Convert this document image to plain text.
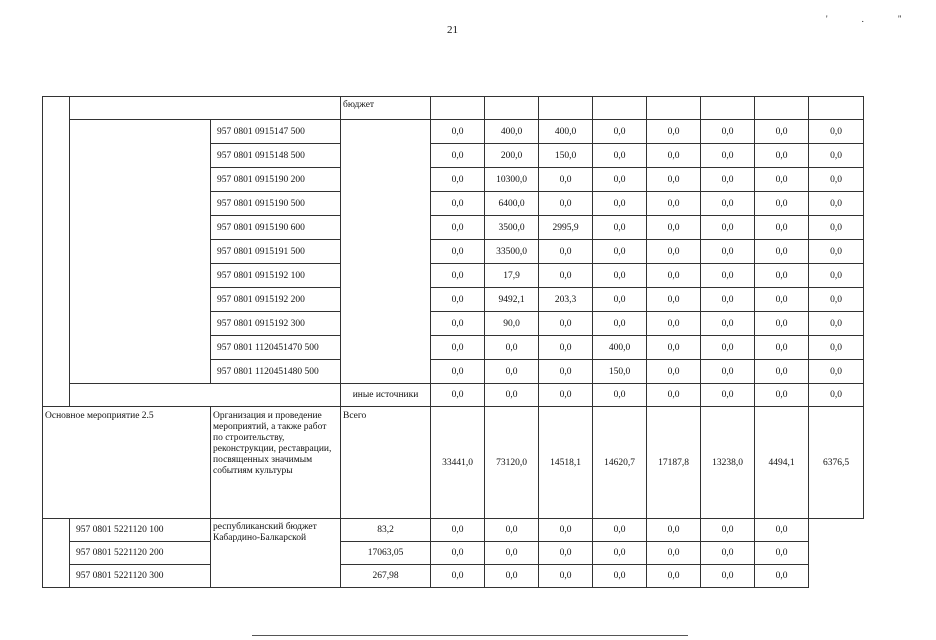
21
'."
			бюджет								
		957 0801 0915147 500		0,0	400,0	400,0	0,0	0,0	0,0	0,0	0,0
		957 0801 0915148 500		0,0	200,0	150,0	0,0	0,0	0,0	0,0	0,0
		957 0801 0915190 200		0,0	10300,0	0,0	0,0	0,0	0,0	0,0	0,0
		957 0801 0915190 500		0,0	6400,0	0,0	0,0	0,0	0,0	0,0	0,0
		957 0801 0915190 600		0,0	3500,0	2995,9	0,0	0,0	0,0	0,0	0,0
		957 0801 0915191 500		0,0	33500,0	0,0	0,0	0,0	0,0	0,0	0,0
		957 0801 0915192 100		0,0	17,9	0,0	0,0	0,0	0,0	0,0	0,0
		957 0801 0915192 200		0,0	9492,1	203,3	0,0	0,0	0,0	0,0	0,0
		957 0801 0915192 300		0,0	90,0	0,0	0,0	0,0	0,0	0,0	0,0
		957 0801 1120451470 500		0,0	0,0	0,0	400,0	0,0	0,0	0,0	0,0
		957 0801 1120451480 500		0,0	0,0	0,0	150,0	0,0	0,0	0,0	0,0
			иные источники	0,0	0,0	0,0	0,0	0,0	0,0	0,0	0,0
Основное мероприятие 2.5		Организация и проведение мероприятий, а также работ по строительству, реконструкции, реставрации, посвященных значимым событиям культуры	Всего	33441,0	73120,0	14518,1	14620,7	17187,8	13238,0	4494,1	6376,5
	957 0801 5221120 100	республиканский бюджет Кабардино-Балкарской	83,2	0,0	0,0	0,0	0,0	0,0	0,0	0,0	
	957 0801 5221120 200		17063,05	0,0	0,0	0,0	0,0	0,0	0,0	0,0	
	957 0801 5221120 300		267,98	0,0	0,0	0,0	0,0	0,0	0,0	0,0	
